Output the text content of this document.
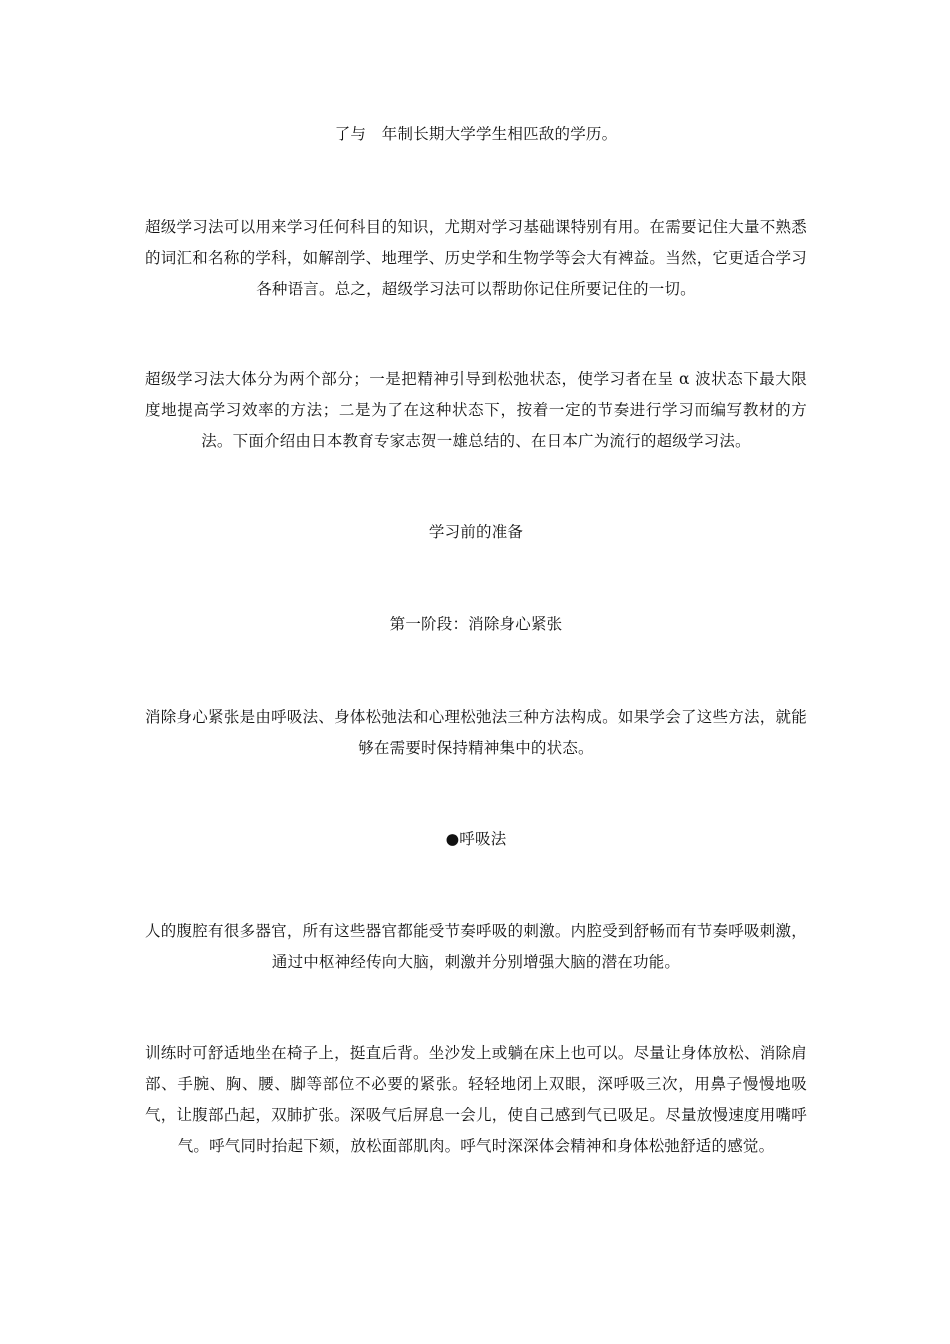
了与　年制长期大学学生相匹敌的学历。

超级学习法可以用来学习任何科目的知识，尤期对学习基础课特别有用。在需要记住大量不熟悉的词汇和名称的学科，如解剖学、地理学、历史学和生物学等会大有裨益。当然，它更适合学习各种语言。总之，超级学习法可以帮助你记住所要记住的一切。

超级学习法大体分为两个部分；一是把精神引导到松弛状态，使学习者在呈 α 波状态下最大限度地提高学习效率的方法；二是为了在这种状态下，按着一定的节奏进行学习而编写教材的方法。下面介绍由日本教育专家志贺一雄总结的、在日本广为流行的超级学习法。

学习前的准备

第一阶段：消除身心紧张

消除身心紧张是由呼吸法、身体松弛法和心理松弛法三种方法构成。如果学会了这些方法，就能够在需要时保持精神集中的状态。

●呼吸法

人的腹腔有很多器官，所有这些器官都能受节奏呼吸的刺激。内腔受到舒畅而有节奏呼吸刺激，通过中枢神经传向大脑，刺激并分别增强大脑的潜在功能。

训练时可舒适地坐在椅子上，挺直后背。坐沙发上或躺在床上也可以。尽量让身体放松、消除肩部、手腕、胸、腰、脚等部位不必要的紧张。轻轻地闭上双眼，深呼吸三次，用鼻子慢慢地吸气，让腹部凸起，双肺扩张。深吸气后屏息一会儿，使自己感到气已吸足。尽量放慢速度用嘴呼气。呼气同时抬起下颏，放松面部肌肉。呼气时深深体会精神和身体松弛舒适的感觉。
